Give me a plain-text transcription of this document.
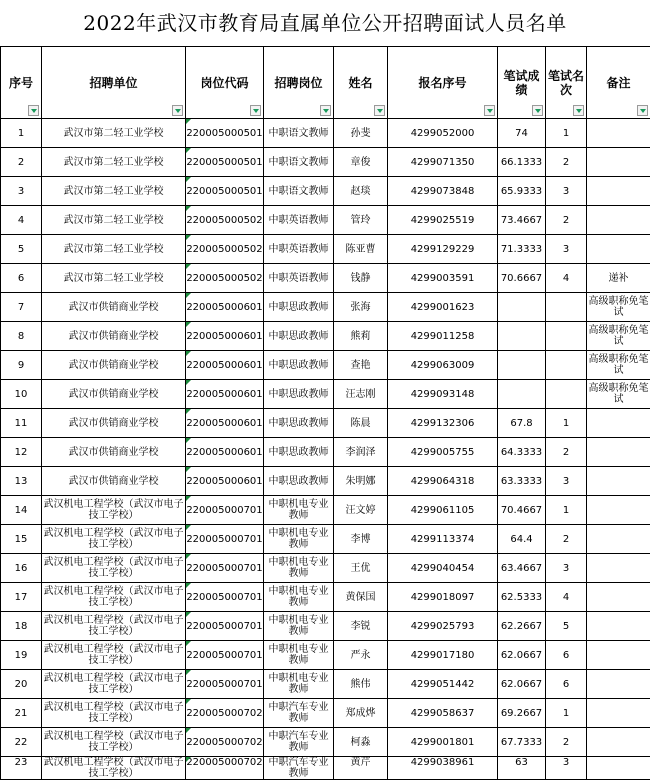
2022年武汉市教育局直属单位公开招聘面试人员名单
序号	招聘单位	岗位代码	招聘岗位	姓名	报名序号	笔试成绩	笔试名次	备注

1	武汉市第二轻工业学校	220005000501	中职语文教师	孙斐	4299052000	74	1	
2	武汉市第二轻工业学校	220005000501	中职语文教师	章俊	4299071350	66.1333	2	
3	武汉市第二轻工业学校	220005000501	中职语文教师	赵琰	4299073848	65.9333	3	
4	武汉市第二轻工业学校	220005000502	中职英语教师	管玲	4299025519	73.4667	2	
5	武汉市第二轻工业学校	220005000502	中职英语教师	陈亚曹	4299129229	71.3333	3	
6	武汉市第二轻工业学校	220005000502	中职英语教师	钱静	4299003591	70.6667	4	递补
7	武汉市供销商业学校	220005000601	中职思政教师	张海	4299001623			高级职称免笔试
8	武汉市供销商业学校	220005000601	中职思政教师	熊莉	4299011258			高级职称免笔试
9	武汉市供销商业学校	220005000601	中职思政教师	查艳	4299063009			高级职称免笔试
10	武汉市供销商业学校	220005000601	中职思政教师	汪志刚	4299093148			高级职称免笔试
11	武汉市供销商业学校	220005000601	中职思政教师	陈晨	4299132306	67.8	1	
12	武汉市供销商业学校	220005000601	中职思政教师	李润泽	4299005755	64.3333	2	
13	武汉市供销商业学校	220005000601	中职思政教师	朱明娜	4299064318	63.3333	3	
14	武汉机电工程学校（武汉市电子技工学校）	220005000701	中职机电专业教师	汪文婷	4299061105	70.4667	1	
15	武汉机电工程学校（武汉市电子技工学校）	220005000701	中职机电专业教师	李博	4299113374	64.4	2	
16	武汉机电工程学校（武汉市电子技工学校）	220005000701	中职机电专业教师	王优	4299040454	63.4667	3	
17	武汉机电工程学校（武汉市电子技工学校）	220005000701	中职机电专业教师	黄保国	4299018097	62.5333	4	
18	武汉机电工程学校（武汉市电子技工学校）	220005000701	中职机电专业教师	李锐	4299025793	62.2667	5	
19	武汉机电工程学校（武汉市电子技工学校）	220005000701	中职机电专业教师	严永	4299017180	62.0667	6	
20	武汉机电工程学校（武汉市电子技工学校）	220005000701	中职机电专业教师	熊伟	4299051442	62.0667	6	
21	武汉机电工程学校（武汉市电子技工学校）	220005000702	中职汽车专业教师	郑成烨	4299058637	69.2667	1	
22	武汉机电工程学校（武汉市电子技工学校）	220005000702	中职汽车专业教师	柯淼	4299001801	67.7333	2	
23	武汉机电工程学校（武汉市电子技工学校）	220005000702	中职汽车专业教师	黄芹	4299038961	63	3	
